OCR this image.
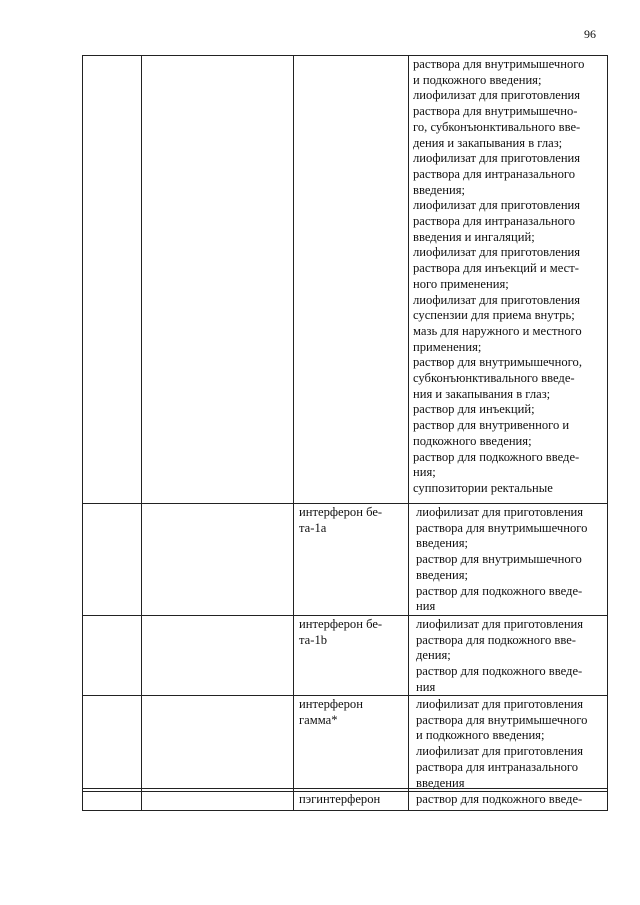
96
раствора для внутримышечного
и подкожного введения;
лиофилизат для приготовления
раствора для внутримышечно-
го, субконъюнктивального вве-
дения и закапывания в глаз;
лиофилизат для приготовления
раствора для интраназального
введения;
лиофилизат для приготовления
раствора для интраназального
введения и ингаляций;
лиофилизат для приготовления
раствора для инъекций и мест-
ного применения;
лиофилизат для приготовления
суспензии для приема внутрь;
мазь для наружного и местного
применения;
раствор для внутримышечного,
субконъюнктивального введе-
ния и закапывания в глаз;
раствор для инъекций;
раствор для внутривенного и
подкожного введения;
раствор для подкожного введе-
ния;
суппозитории ректальные
интерферон бе-
та-1а
лиофилизат для приготовления
раствора для внутримышечного
введения;
раствор для внутримышечного
введения;
раствор для подкожного введе-
ния
интерферон бе-
та-1b
лиофилизат для приготовления
раствора для подкожного вве-
дения;
раствор для подкожного введе-
ния
интерферон
гамма*
лиофилизат для приготовления
раствора для внутримышечного
и подкожного введения;
лиофилизат для приготовления
раствора для интраназального
введения
пэгинтерферон	раствор для подкожного введе-
